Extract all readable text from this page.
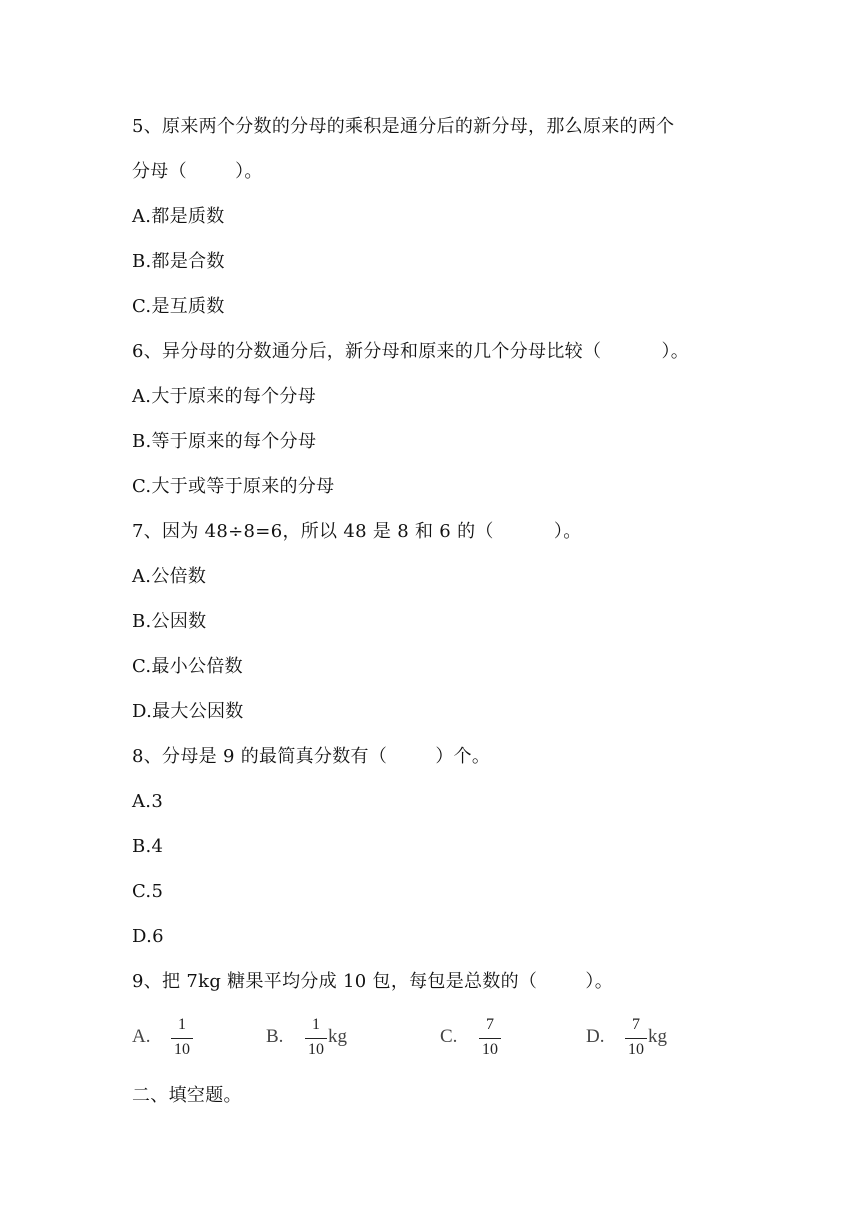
5、原来两个分数的分母的乘积是通分后的新分母，那么原来的两个
分母（        ）。
A.都是质数
B.都是合数
C.是互质数
6、异分母的分数通分后，新分母和原来的几个分母比较（          ）。
A.大于原来的每个分母
B.等于原来的每个分母
C.大于或等于原来的分母
7、因为 48÷8=6，所以 48 是 8 和 6 的（          ）。
A.公倍数
B.公因数
C.最小公倍数
D.最大公因数
8、分母是 9 的最简真分数有（        ）个。
A.3
B.4
C.5
D.6
9、把 7kg 糖果平均分成 10 包，每包是总数的（        ）。
A.
1
10
B.
1
10
kg	C.
7
10
D.
7
10
kg
二、填空题。
